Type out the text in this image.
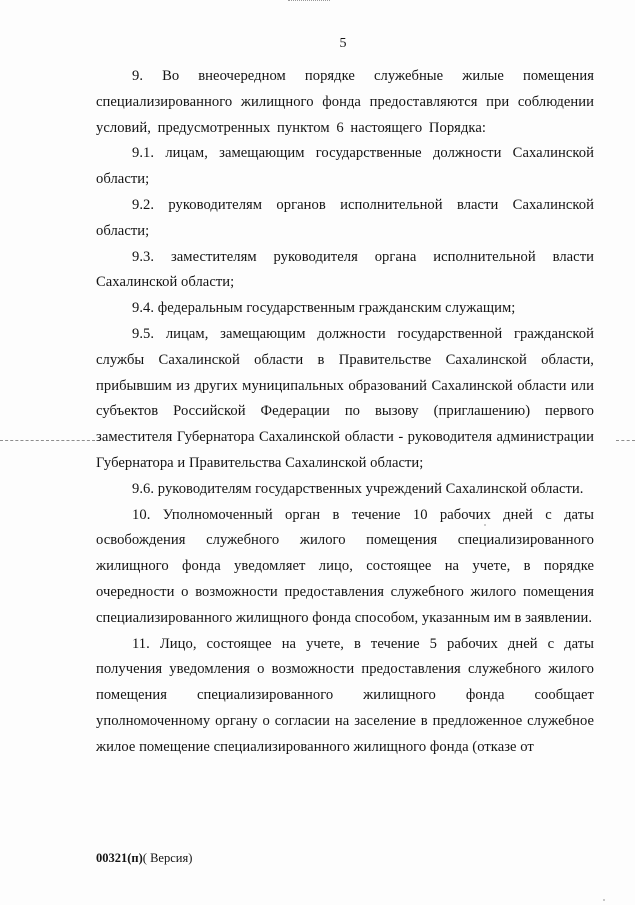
5

9. Во внеочередном порядке служебные жилые помещения специализированного жилищного фонда предоставляются при соблюдении условий, предусмотренных пунктом 6 настоящего Порядка:

9.1. лицам, замещающим государственные должности Сахалинской области;

9.2. руководителям органов исполнительной власти Сахалинской области;

9.3. заместителям руководителя органа исполнительной власти Сахалинской области;

9.4. федеральным государственным гражданским служащим;

9.5. лицам, замещающим должности государственной гражданской службы Сахалинской области в Правительстве Сахалинской области, прибывшим из других муниципальных образований Сахалинской области или субъектов Российской Федерации по вызову (приглашению) первого заместителя Губернатора Сахалинской области - руководителя администрации Губернатора и Правительства Сахалинской области;

9.6. руководителям государственных учреждений Сахалинской области.

10. Уполномоченный орган в течение 10 рабочих дней с даты освобождения служебного жилого помещения специализированного жилищного фонда уведомляет лицо, состоящее на учете, в порядке очередности о возможности предоставления служебного жилого помещения специализированного жилищного фонда способом, указанным им в заявлении.

11. Лицо, состоящее на учете, в течение 5 рабочих дней с даты получения уведомления о возможности предоставления служебного жилого помещения специализированного жилищного фонда сообщает уполномоченному органу о согласии на заселение в предложенное служебное жилое помещение специализированного жилищного фонда (отказе от

00321(п)( Версия)
